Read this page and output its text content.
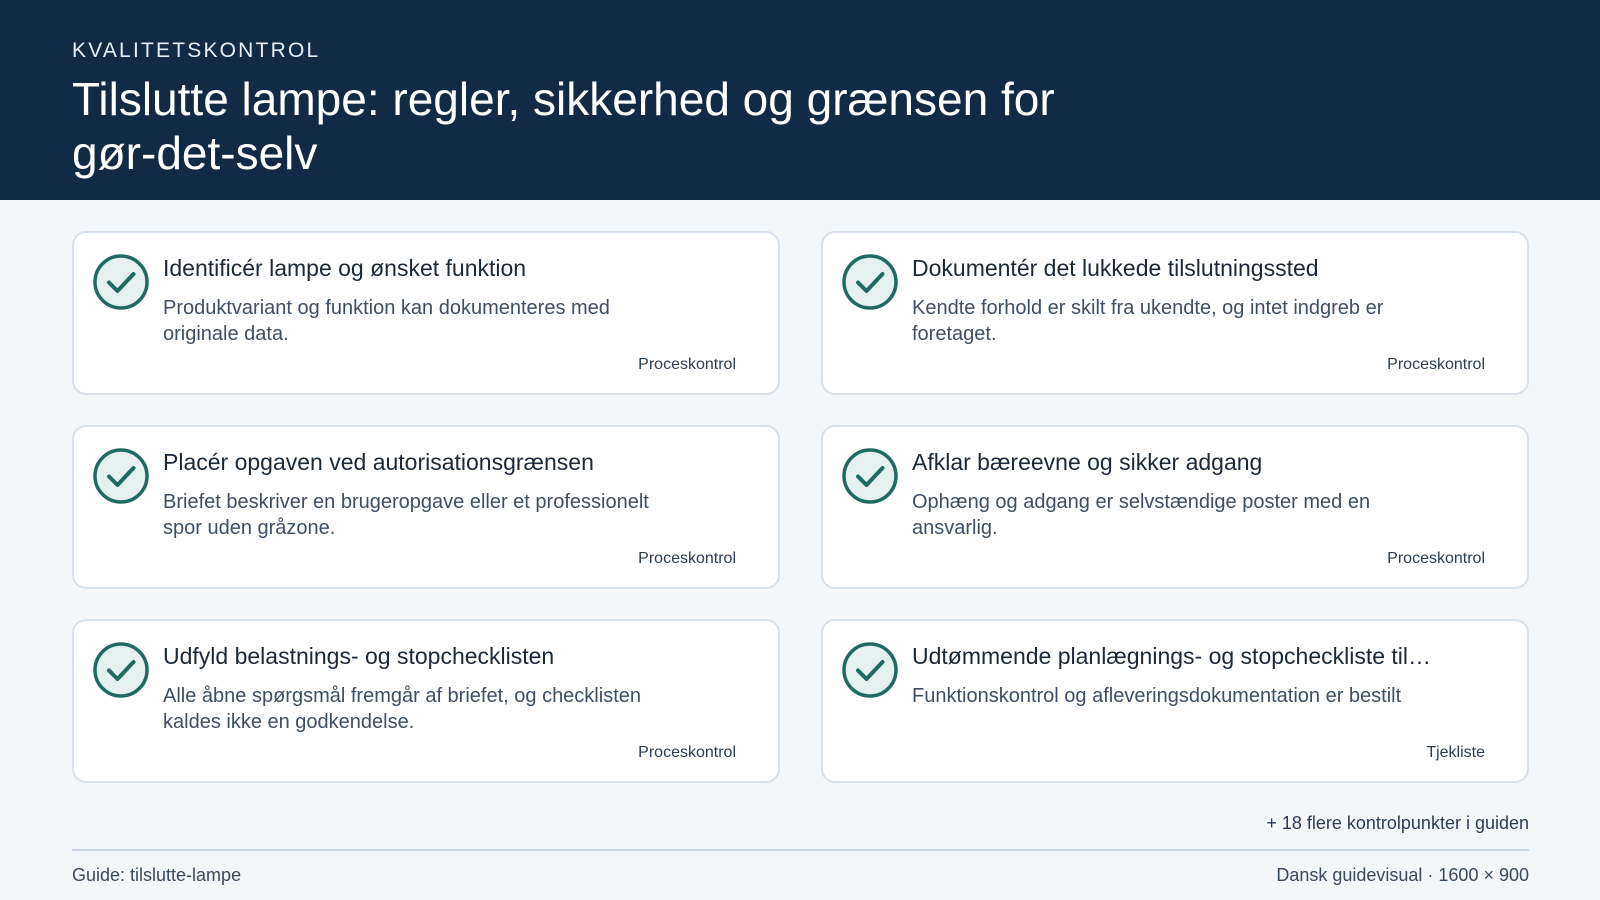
KVALITETSKONTROL
Tilslutte lampe: regler, sikkerhed og grænsen for gør-det-selv
Identificér lampe og ønsket funktion
Produktvariant og funktion kan dokumenteres med originale data.
Proceskontrol
Dokumentér det lukkede tilslutningssted
Kendte forhold er skilt fra ukendte, og intet indgreb er foretaget.
Proceskontrol
Placér opgaven ved autorisationsgrænsen
Briefet beskriver en brugeropgave eller et professionelt spor uden gråzone.
Proceskontrol
Afklar bæreevne og sikker adgang
Ophæng og adgang er selvstændige poster med en ansvarlig.
Proceskontrol
Udfyld belastnings- og stopchecklisten
Alle åbne spørgsmål fremgår af briefet, og checklisten kaldes ikke en godkendelse.
Proceskontrol
Udtømmende planlægnings- og stopcheckliste til…
Funktionskontrol og afleveringsdokumentation er bestilt
Tjekliste
+ 18 flere kontrolpunkter i guiden
Guide: tilslutte-lampe	Dansk guidevisual · 1600 × 900
